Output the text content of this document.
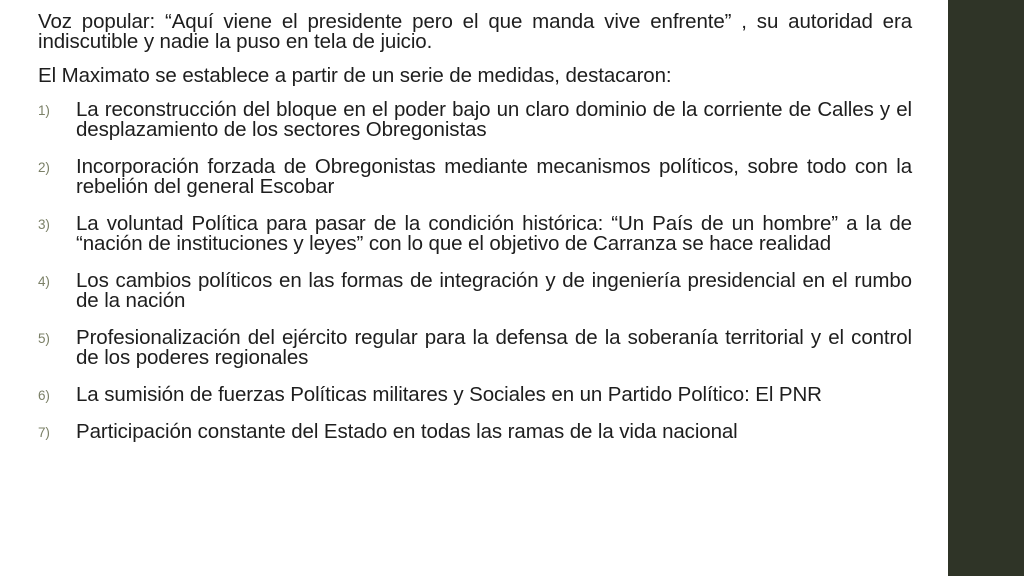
Voz popular: “Aquí viene el presidente pero el que manda vive enfrente” , su autoridad era indiscutible y nadie la puso en tela de juicio.

El Maximato se establece a partir de un serie de medidas, destacaron:

1) La reconstrucción del bloque en el poder bajo un claro dominio de la corriente de Calles y el desplazamiento de los sectores Obregonistas
2) Incorporación forzada de Obregonistas mediante mecanismos políticos, sobre todo con la rebelión del general Escobar
3) La voluntad Política para pasar de la condición histórica: “Un País de un hombre” a la de “nación de instituciones y leyes” con lo que el objetivo de Carranza se hace realidad
4) Los cambios políticos en las formas de integración y de ingeniería presidencial en el rumbo de la nación
5) Profesionalización del ejército regular para la defensa de la soberanía territorial y el control de los poderes regionales
6) La sumisión de fuerzas Políticas militares y Sociales en un Partido Político: El PNR
7) Participación constante del Estado en todas las ramas de la vida nacional
